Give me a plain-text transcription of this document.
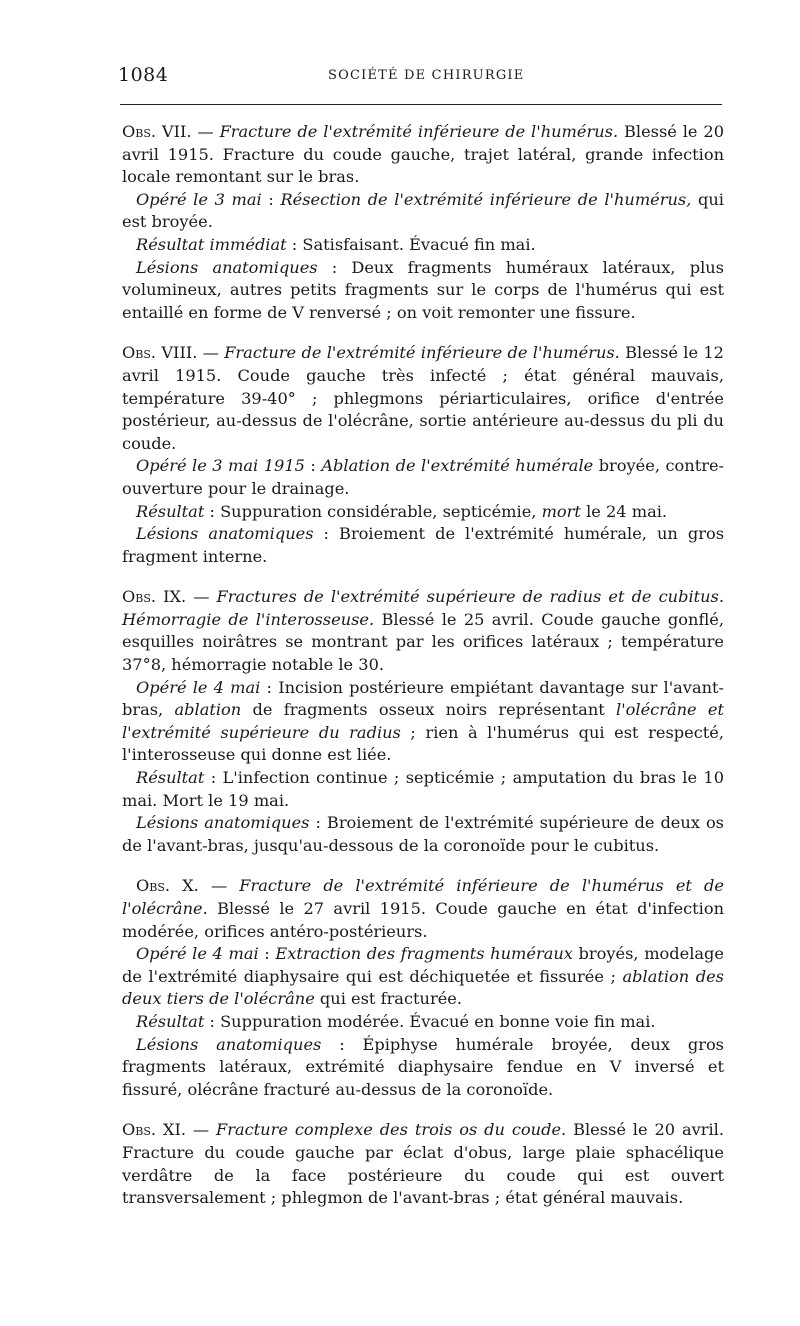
1084	SOCIÉTÉ DE CHIRURGIE

Obs. VII. — Fracture de l'extrémité inférieure de l'humérus. Blessé le 20 avril 1915. Fracture du coude gauche, trajet latéral, grande infection locale remontant sur le bras.

Opéré le 3 mai : Résection de l'extrémité inférieure de l'humérus, qui est broyée.

Résultat immédiat : Satisfaisant. Évacué fin mai.

Lésions anatomiques : Deux fragments huméraux latéraux, plus volumineux, autres petits fragments sur le corps de l'humérus qui est entaillé en forme de V renversé ; on voit remonter une fissure.

Obs. VIII. — Fracture de l'extrémité inférieure de l'humérus. Blessé le 12 avril 1915. Coude gauche très infecté ; état général mauvais, température 39-40° ; phlegmons périarticulaires, orifice d'entrée postérieur, au-dessus de l'olécrâne, sortie antérieure au-dessus du pli du coude.

Opéré le 3 mai 1915 : Ablation de l'extrémité humérale broyée, contre-ouverture pour le drainage.

Résultat : Suppuration considérable, septicémie, mort le 24 mai.

Lésions anatomiques : Broiement de l'extrémité humérale, un gros fragment interne.

Obs. IX. — Fractures de l'extrémité supérieure de radius et de cubitus. Hémorragie de l'interosseuse. Blessé le 25 avril. Coude gauche gonflé, esquilles noirâtres se montrant par les orifices latéraux ; température 37°8, hémorragie notable le 30.

Opéré le 4 mai : Incision postérieure empiétant davantage sur l'avant-bras, ablation de fragments osseux noirs représentant l'olécrâne et l'extrémité supérieure du radius ; rien à l'humérus qui est respecté, l'interosseuse qui donne est liée.

Résultat : L'infection continue ; septicémie ; amputation du bras le 10 mai. Mort le 19 mai.

Lésions anatomiques : Broiement de l'extrémité supérieure de deux os de l'avant-bras, jusqu'au-dessous de la coronoïde pour le cubitus.

Obs. X. — Fracture de l'extrémité inférieure de l'humérus et de l'olécrâne. Blessé le 27 avril 1915. Coude gauche en état d'infection modérée, orifices antéro-postérieurs.

Opéré le 4 mai : Extraction des fragments huméraux broyés, modelage de l'extrémité diaphysaire qui est déchiquetée et fissurée ; ablation des deux tiers de l'olécrâne qui est fracturée.

Résultat : Suppuration modérée. Évacué en bonne voie fin mai.

Lésions anatomiques : Épiphyse humérale broyée, deux gros fragments latéraux, extrémité diaphysaire fendue en V inversé et fissuré, olécrâne fracturé au-dessus de la coronoïde.

Obs. XI. — Fracture complexe des trois os du coude. Blessé le 20 avril. Fracture du coude gauche par éclat d'obus, large plaie sphacélique verdâtre de la face postérieure du coude qui est ouvert transversalement ; phlegmon de l'avant-bras ; état général mauvais.
